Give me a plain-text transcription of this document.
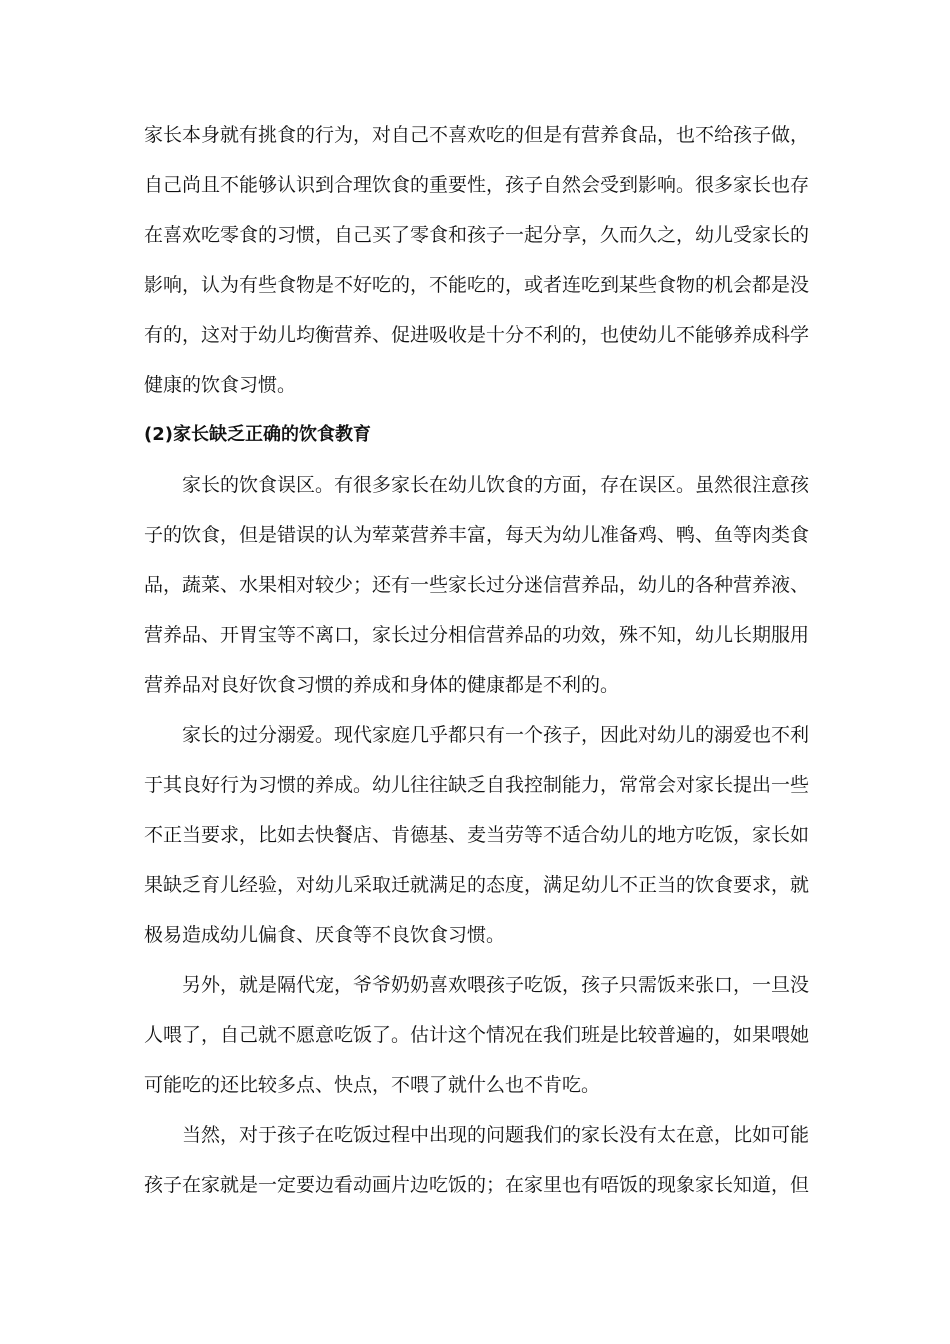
家长本身就有挑食的行为，对自己不喜欢吃的但是有营养食品，也不给孩子做，
自己尚且不能够认识到合理饮食的重要性，孩子自然会受到影响。很多家长也存
在喜欢吃零食的习惯，自己买了零食和孩子一起分享，久而久之，幼儿受家长的
影响，认为有些食物是不好吃的，不能吃的，或者连吃到某些食物的机会都是没
有的，这对于幼儿均衡营养、促进吸收是十分不利的，也使幼儿不能够养成科学
健康的饮食习惯。
(2)家长缺乏正确的饮食教育
家长的饮食误区。有很多家长在幼儿饮食的方面，存在误区。虽然很注意孩
子的饮食，但是错误的认为荤菜营养丰富，每天为幼儿准备鸡、鸭、鱼等肉类食
品，蔬菜、水果相对较少；还有一些家长过分迷信营养品，幼儿的各种营养液、
营养品、开胃宝等不离口，家长过分相信营养品的功效，殊不知，幼儿长期服用
营养品对良好饮食习惯的养成和身体的健康都是不利的。
家长的过分溺爱。现代家庭几乎都只有一个孩子，因此对幼儿的溺爱也不利
于其良好行为习惯的养成。幼儿往往缺乏自我控制能力，常常会对家长提出一些
不正当要求，比如去快餐店、肯德基、麦当劳等不适合幼儿的地方吃饭，家长如
果缺乏育儿经验，对幼儿采取迁就满足的态度，满足幼儿不正当的饮食要求，就
极易造成幼儿偏食、厌食等不良饮食习惯。
另外，就是隔代宠，爷爷奶奶喜欢喂孩子吃饭，孩子只需饭来张口，一旦没
人喂了，自己就不愿意吃饭了。估计这个情况在我们班是比较普遍的，如果喂她
可能吃的还比较多点、快点，不喂了就什么也不肯吃。
当然，对于孩子在吃饭过程中出现的问题我们的家长没有太在意，比如可能
孩子在家就是一定要边看动画片边吃饭的；在家里也有唔饭的现象家长知道，但
